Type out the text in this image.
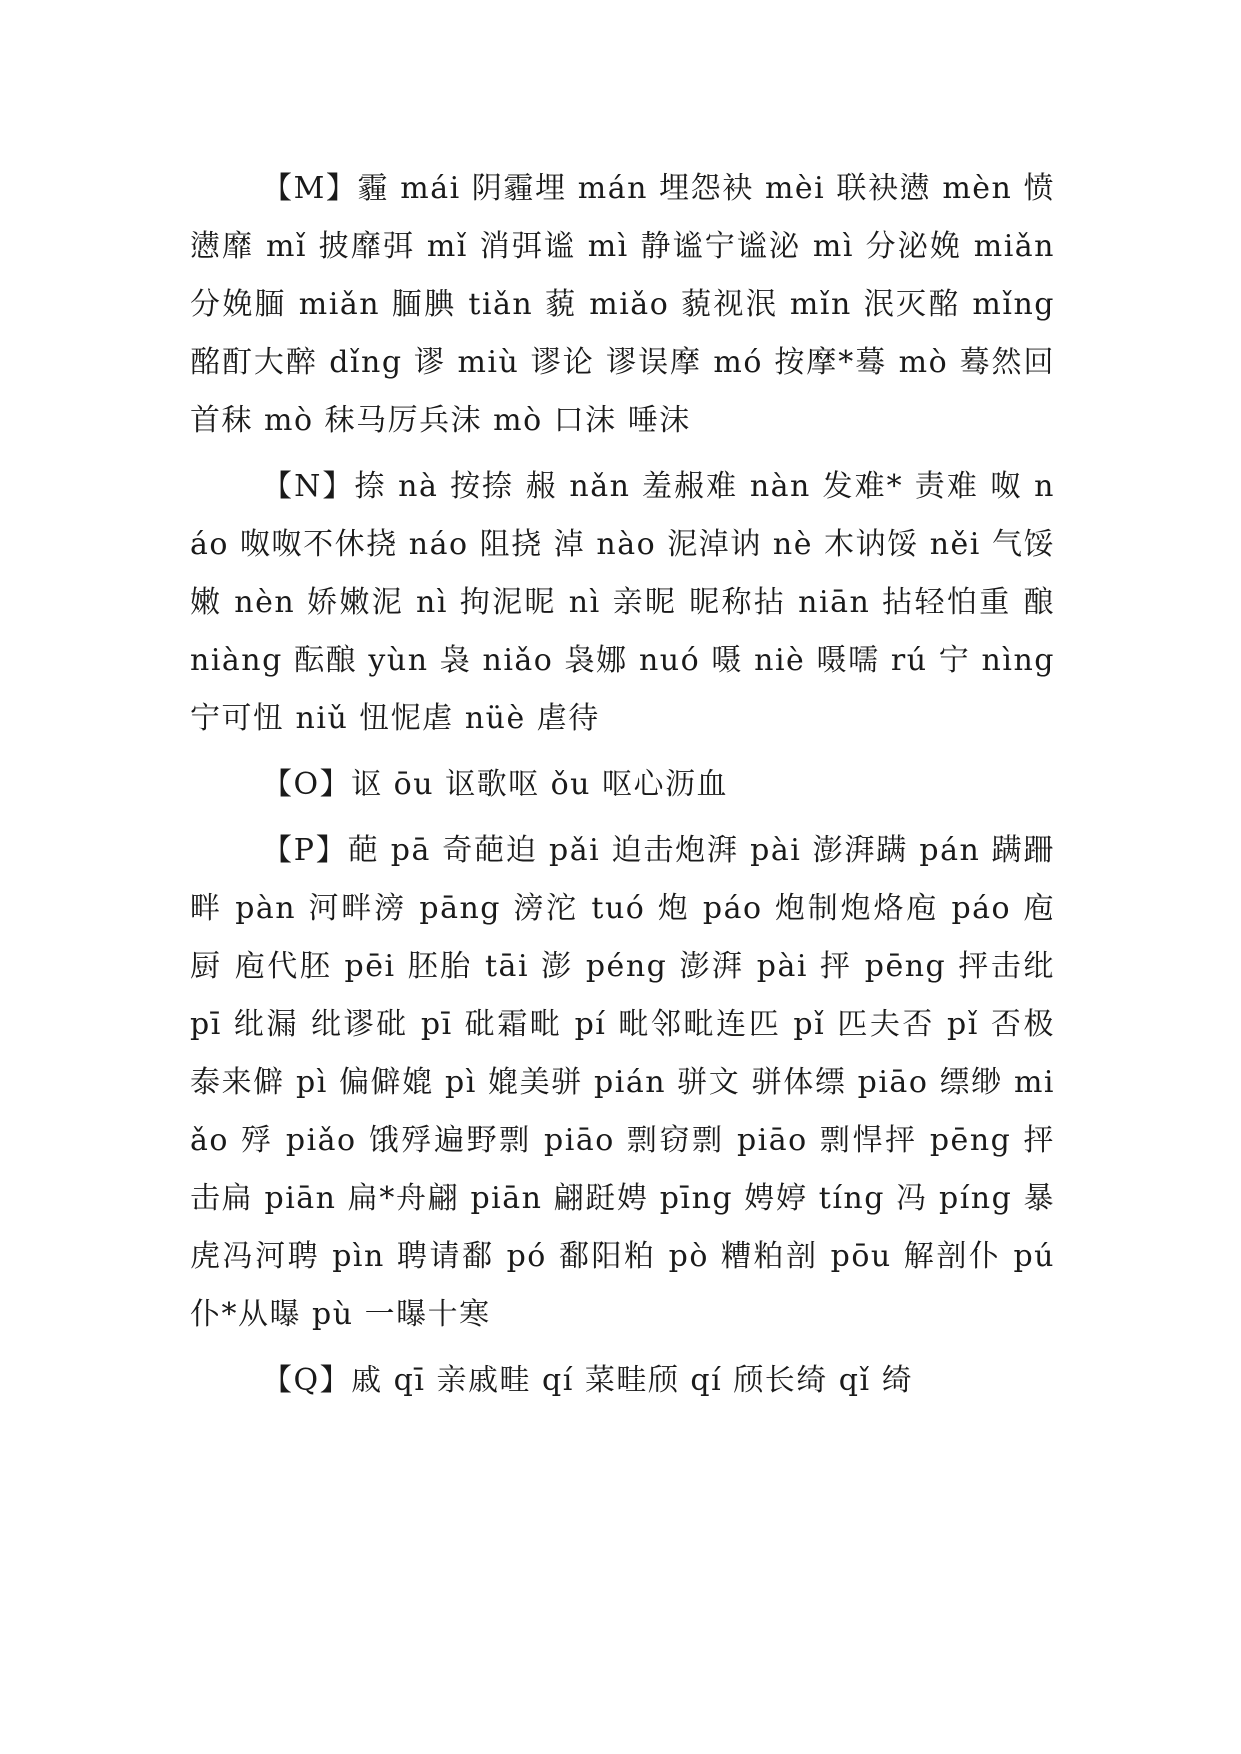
【M】霾 mái 阴霾埋 mán 埋怨袂 mèi 联袂懑 mèn 愤懑靡 mǐ 披靡弭 mǐ 消弭谧 mì 静谧宁谧泌 mì 分泌娩 miǎn 分娩腼 miǎn 腼腆 tiǎn 藐 miǎo 藐视泯 mǐn 泯灭酩 mǐng 酩酊大醉 dǐng 谬 miù 谬论 谬误摩 mó 按摩*蓦 mò 蓦然回首秣 mò 秣马厉兵沫 mò 口沫 唾沫

【N】捺 nà 按捺 赧 nǎn 羞赧难 nàn 发难* 责难 呶 náo 呶呶不休挠 náo 阻挠 淖 nào 泥淖讷 nè 木讷馁 něi 气馁嫩 nèn 娇嫩泥 nì 拘泥昵 nì 亲昵 昵称拈 niān 拈轻怕重 酿 niàng 酝酿 yùn 袅 niǎo 袅娜 nuó 嗫 niè 嗫嚅 rú 宁 nìng 宁可忸 niǔ 忸怩虐 nüè 虐待

【O】讴 ōu 讴歌呕 ǒu 呕心沥血

【P】葩 pā 奇葩迫 pǎi 迫击炮湃 pài 澎湃蹒 pán 蹒跚畔 pàn 河畔滂 pāng 滂沱 tuó 炮 páo 炮制炮烙庖 páo 庖厨 庖代胚 pēi 胚胎 tāi 澎 péng 澎湃 pài 抨 pēng 抨击纰 pī 纰漏 纰谬砒 pī 砒霜毗 pí 毗邻毗连匹 pǐ 匹夫否 pǐ 否极泰来僻 pì 偏僻媲 pì 媲美骈 pián 骈文 骈体缥 piāo 缥缈 miǎo 殍 piǎo 饿殍遍野剽 piāo 剽窃剽 piāo 剽悍抨 pēng 抨击扁 piān 扁*舟翩 piān 翩跹娉 pīng 娉婷 tíng 冯 píng 暴虎冯河聘 pìn 聘请鄱 pó 鄱阳粕 pò 糟粕剖 pōu 解剖仆 pú 仆*从曝 pù 一曝十寒

【Q】戚 qī 亲戚畦 qí 菜畦颀 qí 颀长绮 qǐ 绮
